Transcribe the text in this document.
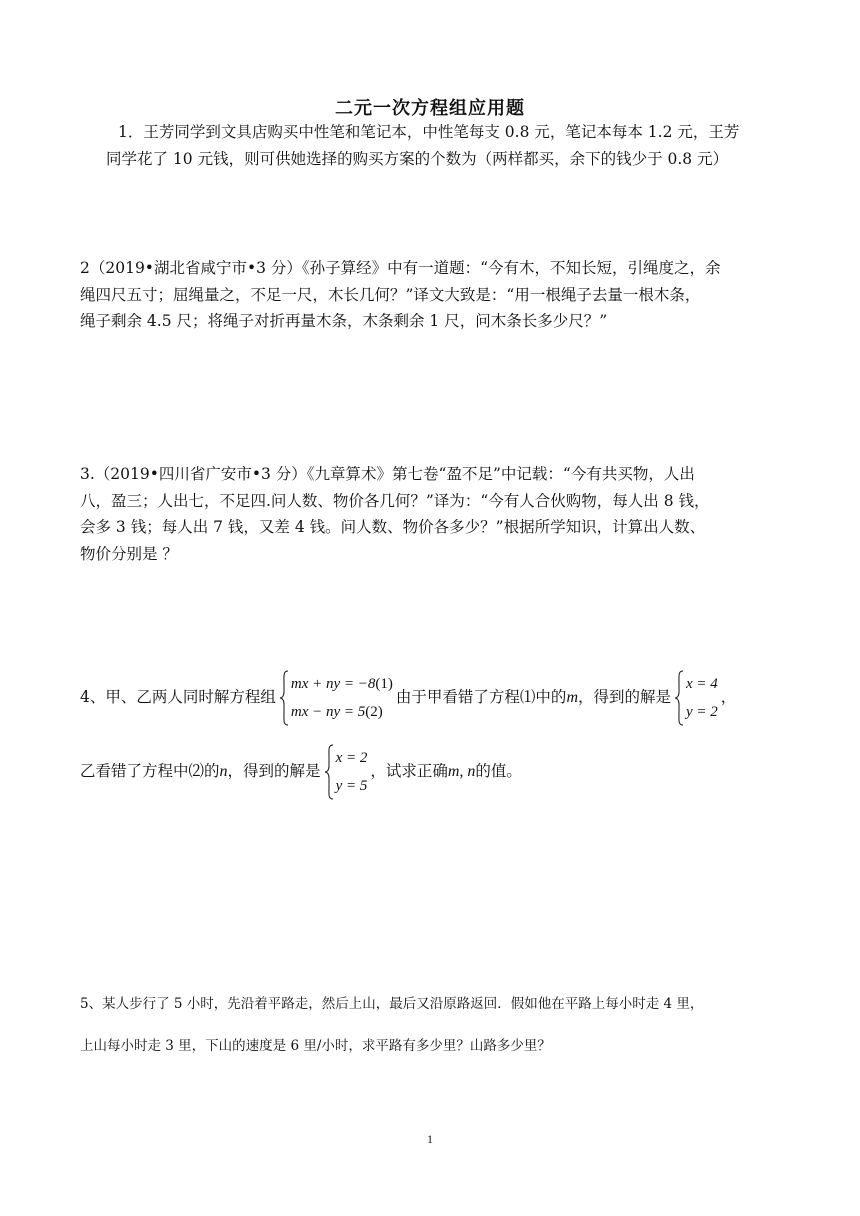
二元一次方程组应用题
1．王芳同学到文具店购买中性笔和笔记本，中性笔每支 0.8 元，笔记本每本 1.2 元，王芳
同学花了 10 元钱，则可供她选择的购买方案的个数为（两样都买，余下的钱少于 0.8 元）
2（2019•湖北省咸宁市•3 分）《孙子算经》中有一道题：“今有木，不知长短，引绳度之，余
绳四尺五寸；屈绳量之，不足一尺，木长几何？”译文大致是：“用一根绳子去量一根木条，
绳子剩余 4.5 尺；将绳子对折再量木条，木条剩余 1 尺，问木条长多少尺？”
3.（2019•四川省广安市•3 分）《九章算术》第七卷“盈不足”中记载：“今有共买物，人出
八，盈三；人出七，不足四.问人数、物价各几何？”译为：“今有人合伙购物，每人出 8 钱，
会多 3 钱；每人出 7 钱，又差 4 钱。问人数、物价各多少？”根据所学知识，计算出人数、
物价分别是 ？
4、甲、乙两人同时解方程组
mx + ny = −8(1)
mx − ny = 5(2)
由于甲看错了方程⑴中的m，得到的解是
x = 4
y = 2
，
乙看错了方程中⑵的n，得到的解是
x = 2
y = 5
，试求正确m, n的值。
5、某人步行了 5 小时，先沿着平路走，然后上山，最后又沿原路返回．假如他在平路上每小时走 4 里，
上山每小时走 3 里，下山的速度是 6 里/小时，求平路有多少里？山路多少里？
1
